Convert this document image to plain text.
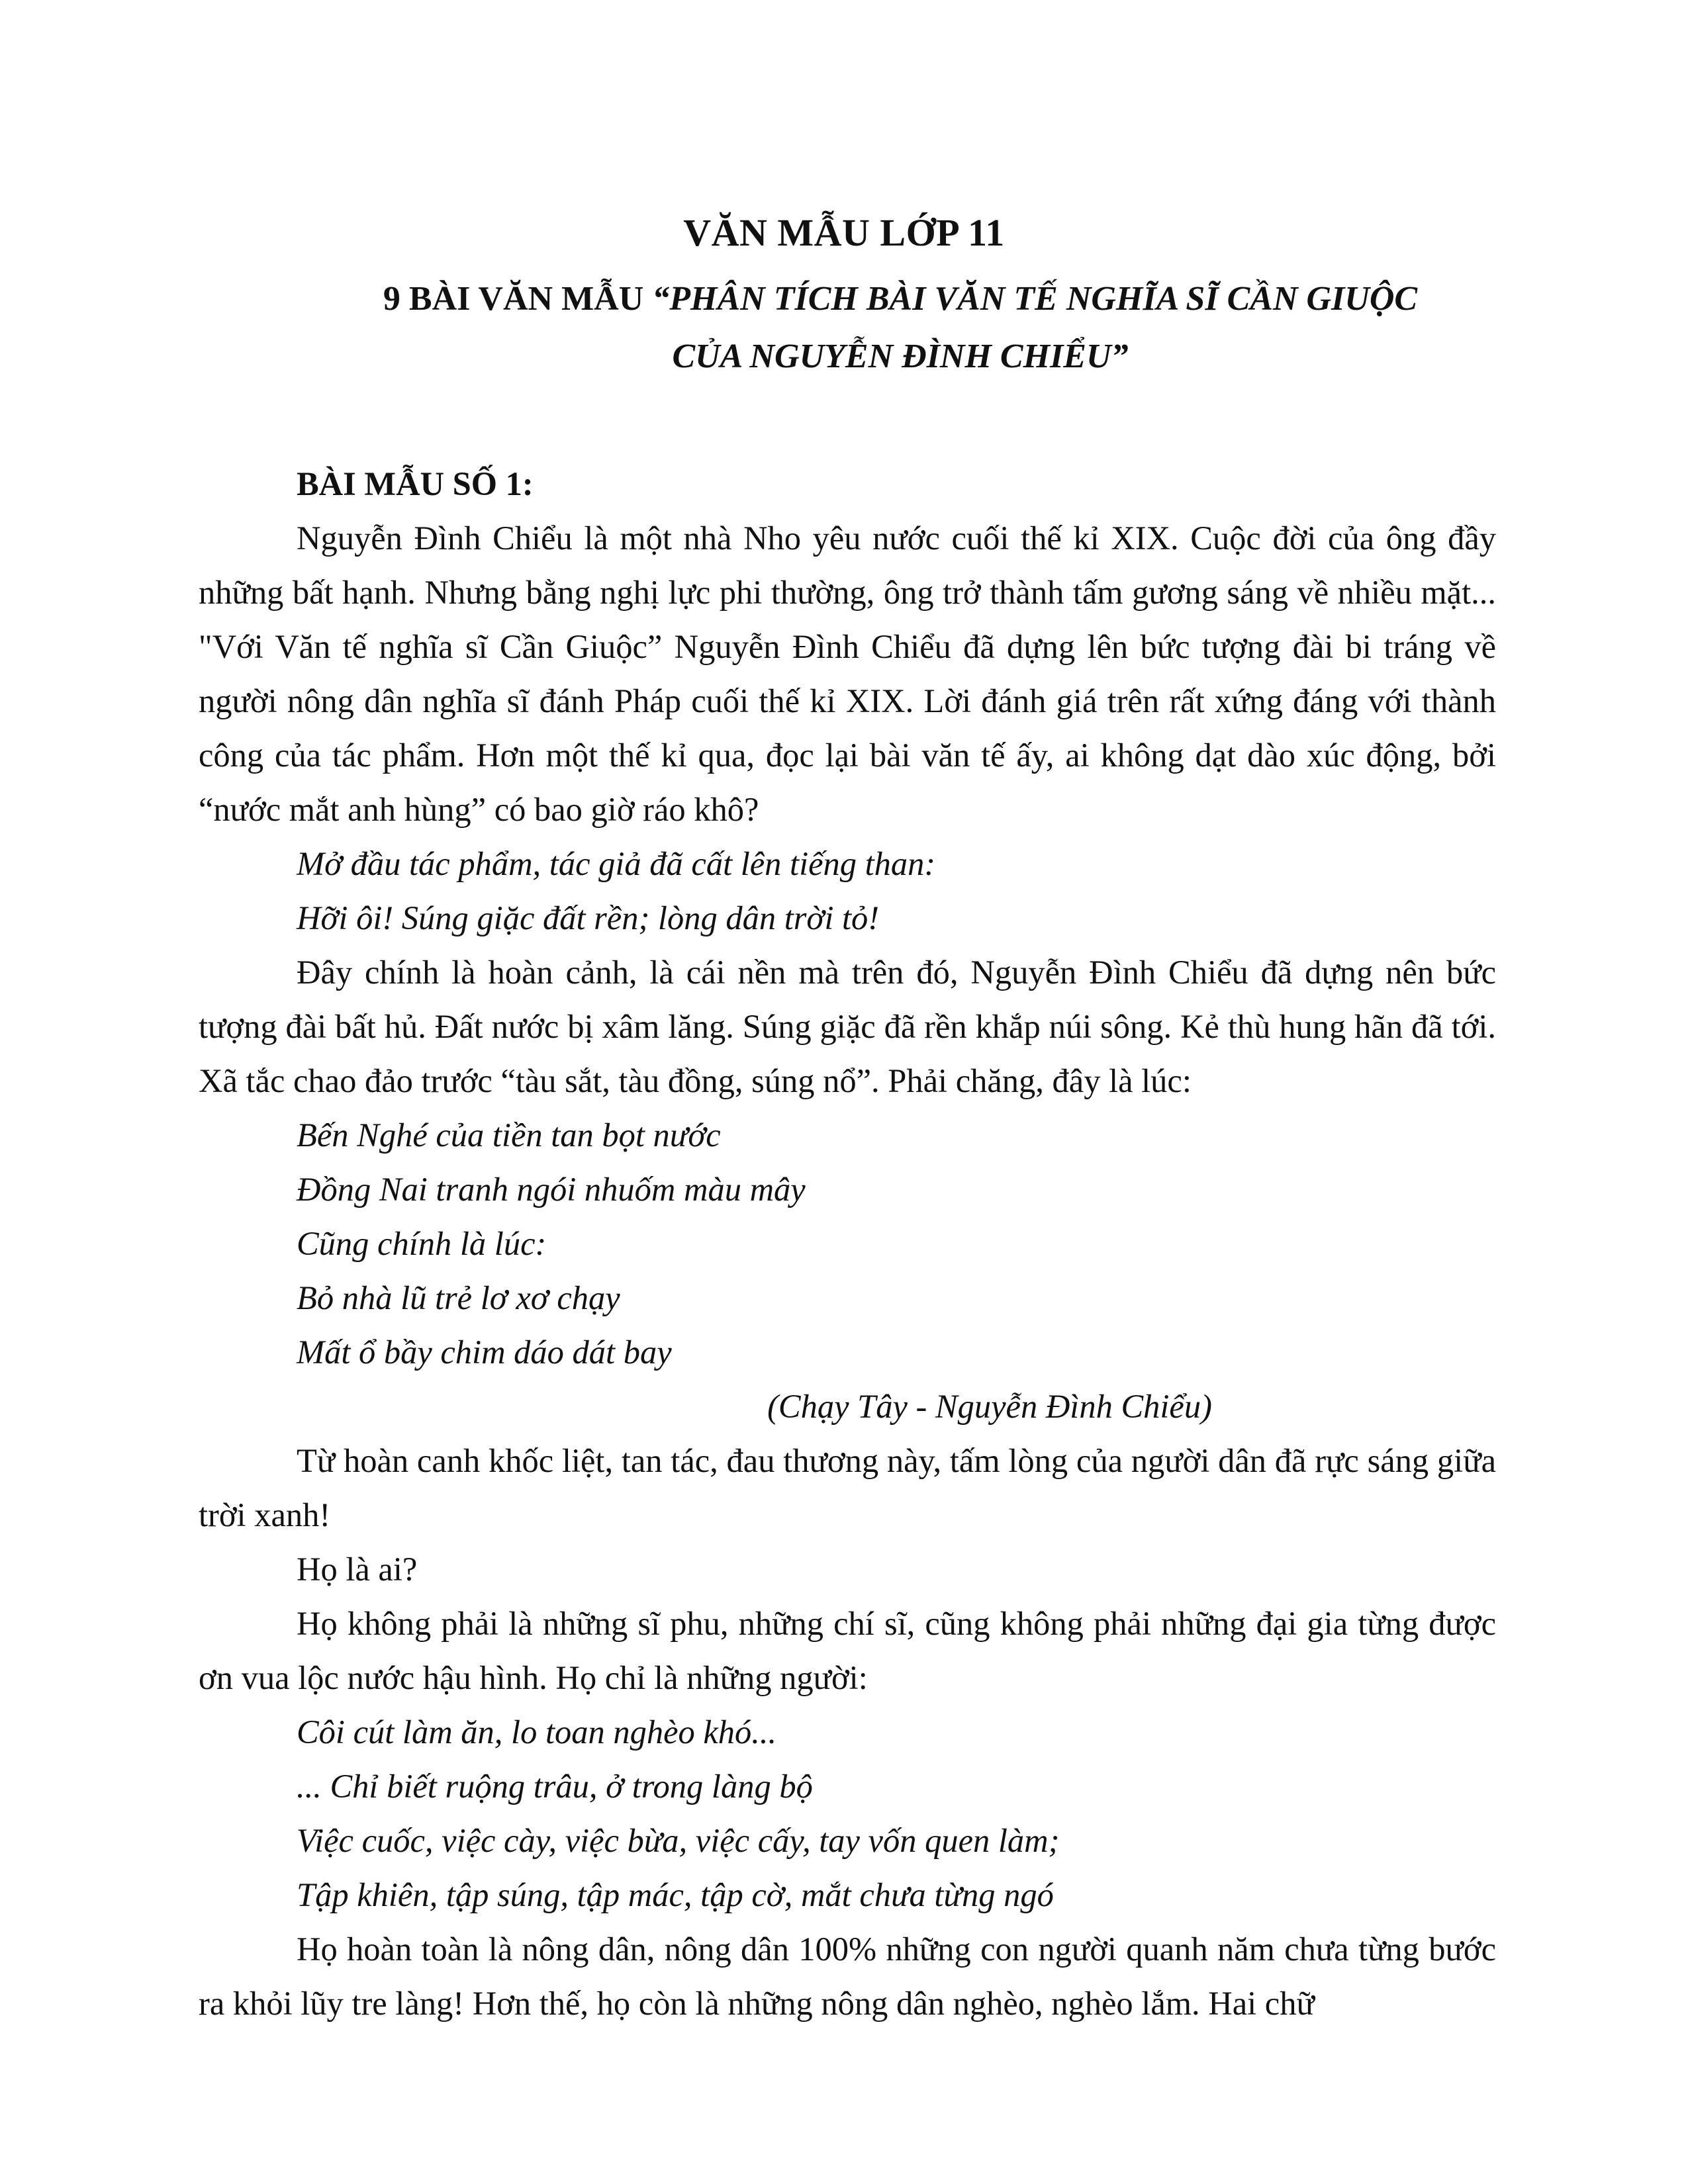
VĂN MẪU LỚP 11
9 BÀI VĂN MẪU “PHÂN TÍCH BÀI VĂN TẾ NGHĨA SĨ CẦN GIUỘC
CỦA NGUYỄN ĐÌNH CHIỂU”

BÀI MẪU SỐ 1:

Nguyễn Đình Chiểu là một nhà Nho yêu nước cuối thế kỉ XIX. Cuộc đời của ông đầy những bất hạnh. Nhưng bằng nghị lực phi thường, ông trở thành tấm gương sáng về nhiều mặt... "Với Văn tế nghĩa sĩ Cần Giuộc” Nguyễn Đình Chiểu đã dựng lên bức tượng đài bi tráng về người nông dân nghĩa sĩ đánh Pháp cuối thế kỉ XIX. Lời đánh giá trên rất xứng đáng với thành công của tác phẩm. Hơn một thế kỉ qua, đọc lại bài văn tế ấy, ai không dạt dào xúc động, bởi “nước mắt anh hùng” có bao giờ ráo khô?

Mở đầu tác phẩm, tác giả đã cất lên tiếng than:

Hỡi ôi! Súng giặc đất rền; lòng dân trời tỏ!

Đây chính là hoàn cảnh, là cái nền mà trên đó, Nguyễn Đình Chiểu đã dựng nên bức tượng đài bất hủ. Đất nước bị xâm lăng. Súng giặc đã rền khắp núi sông. Kẻ thù hung hãn đã tới. Xã tắc chao đảo trước “tàu sắt, tàu đồng, súng nổ”. Phải chăng, đây là lúc:

Bến Nghé của tiền tan bọt nước

Đồng Nai tranh ngói nhuốm màu mây

Cũng chính là lúc:

Bỏ nhà lũ trẻ lơ xơ chạy

Mất ổ bầy chim dáo dát bay

(Chạy Tây - Nguyễn Đình Chiểu)

Từ hoàn canh khốc liệt, tan tác, đau thương này, tấm lòng của người dân đã rực sáng giữa trời xanh!

Họ là ai?

Họ không phải là những sĩ phu, những chí sĩ, cũng không phải những đại gia từng được ơn vua lộc nước hậu hình. Họ chỉ là những người:

Côi cút làm ăn, lo toan nghèo khó...

... Chỉ biết ruộng trâu, ở trong làng bộ

Việc cuốc, việc cày, việc bừa, việc cấy, tay vốn quen làm;

Tập khiên, tập súng, tập mác, tập cờ, mắt chưa từng ngó

Họ hoàn toàn là nông dân, nông dân 100% những con người quanh năm chưa từng bước ra khỏi lũy tre làng! Hơn thế, họ còn là những nông dân nghèo, nghèo lắm. Hai chữ
